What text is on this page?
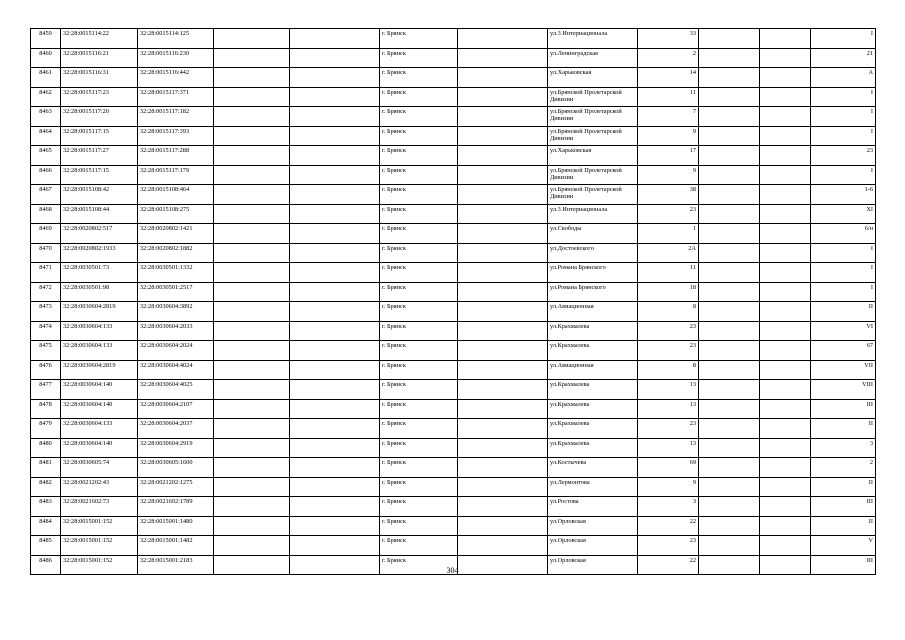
8459	32:28:0015114:22	32:28:0015114:125			г. Брянск		ул.3 Интернационала	33			I
8460	32:28:0015116:21	32:28:0015116:230			г. Брянск		ул.Ленинградская	2			21
8461	32:28:0015116:31	32:28:0015116:442			г. Брянск		ул.Харьковская	14			А
8462	32:28:0015117:23	32:28:0015117:371			г. Брянск		ул.Брянской Пролетарской Дивизии	11			I
8463	32:28:0015117:20	32:28:0015117:182			г. Брянск		ул.Брянской Пролетарской Дивизии	7			I
8464	32:28:0015117:15	32:28:0015117:393			г. Брянск		ул.Брянской Пролетарской Дивизии	9			I
8465	32:28:0015117:27	32:28:0015117:288			г. Брянск		ул.Харьковская	17			23
8466	32:28:0015117:15	32:28:0015117:179			г. Брянск		ул.Брянской Пролетарской Дивизии	9			I
8467	32:28:0015108:42	32:28:0015108:464			г. Брянск		ул.Брянской Пролетарской Дивизии	38			1-6
8468	32:28:0015108:44	32:28:0015108:275			г. Брянск		ул.3 Интернационала	23			XI
8469	32:28:0020802:517	32:28:0020802:1421			г. Брянск		ул.Свободы	1			6/н
8470	32:28:0020802:1933	32:28:0020802:1882			г. Брянск		ул.Достоевского	2А			I
8471	32:28:0030501:73	32:28:0030501:1332			г. Брянск		ул.Романа Брянского	11			I
8472	32:28:0030501:98	32:28:0030501:2517			г. Брянск		ул.Романа Брянского	18			I
8473	32:28:0030604:2819	32:28:0030604:3892			г. Брянск		ул.Авиационная	8			II
8474	32:28:0030604:133	32:28:0030604:2033			г. Брянск		ул.Крахмалева	23			VI
8475	32:28:0030604:133	32:28:0030604:2024			г. Брянск		ул.Крахмалева	23			67
8476	32:28:0030604:2819	32:28:0030604:4024			г. Брянск		ул.Авиационная	8			VII
8477	32:28:0030604:140	32:28:0030604:4025			г. Брянск		ул.Крахмалева	13			VIII
8478	32:28:0030604:140	32:28:0030604:2107			г. Брянск		ул.Крахмалева	13			III
8479	32:28:0030604:133	32:28:0030604:2037			г. Брянск		ул.Крахмалева	23			II
8480	32:28:0030604:140	32:28:0030604:2919			г. Брянск		ул.Крахмалева	13			3
8481	32:28:0030605:74	32:28:0030605:1600			г. Брянск		ул.Костычева	69			2
8482	32:28:0021202:43	32:28:0021202:1275			г. Брянск		ул.Лермонтова	9			II
8483	32:28:0021602:73	32:28:0021602:1789			г. Брянск		ул.Ростова	3			III
8484	32:28:0015001:152	32:28:0015001:1480			г. Брянск		ул.Орловская	22			II
8485	32:28:0015001:152	32:28:0015001:1482			г. Брянск		ул.Орловская	23			V
8486	32:28:0015001:152	32:28:0015001:2183			г. Брянск		ул.Орловская	22			III
304
